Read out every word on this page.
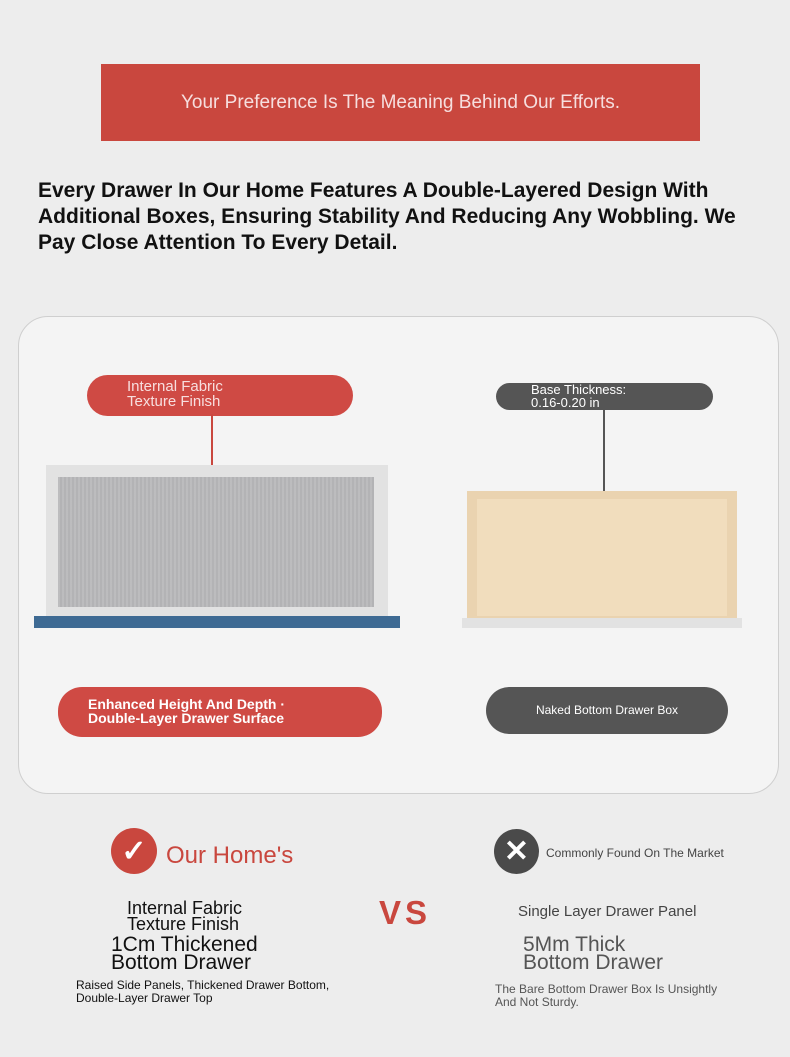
Your Preference Is The Meaning Behind Our Efforts.
Every Drawer In Our Home Features A Double-Layered Design With Additional Boxes, Ensuring Stability And Reducing Any Wobbling. We Pay Close Attention To Every Detail.
Internal Fabric
Texture Finish
Base Thickness:
0.16-0.20 in
Enhanced Height And Depth ·
Double-Layer Drawer Surface	Naked Bottom Drawer Box
✓ Our Home's	✕	Commonly Found On The Market
VS
Internal Fabric
Texture Finish
1Cm Thickened
Bottom Drawer
Raised Side Panels, Thickened Drawer Bottom,
Double-Layer Drawer Top
Single Layer Drawer Panel
5Mm Thick
Bottom Drawer
The Bare Bottom Drawer Box Is Unsightly
And Not Sturdy.
